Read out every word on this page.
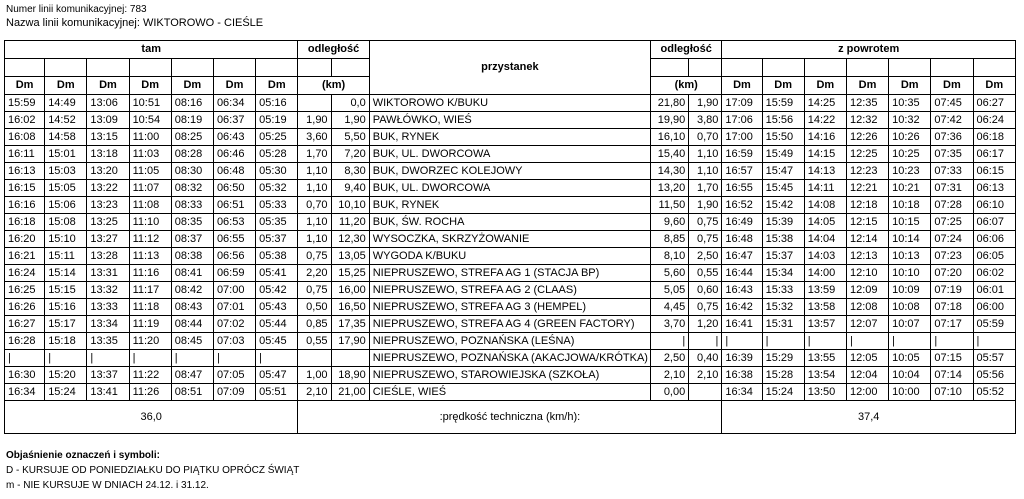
Numer linii komunikacyjnej: 783
Nazwa linii komunikacyjnej: WIKTOROWO - CIEŚLE
tam							odległość		przystanek	odległość		z powrotem						

Dm	Dm	Dm	Dm	Dm	Dm	Dm	(km)			(km)		Dm	Dm	Dm	Dm	Dm	Dm	Dm
15:59	14:49	13:06	10:51	08:16	06:34	05:16		0,0	WIKTOROWO K/BUKU	21,80	1,90	17:09	15:59	14:25	12:35	10:35	07:45	06:27
16:02	14:52	13:09	10:54	08:19	06:37	05:19	1,90	1,90	PAWŁÓWKO, WIEŚ	19,90	3,80	17:06	15:56	14:22	12:32	10:32	07:42	06:24
16:08	14:58	13:15	11:00	08:25	06:43	05:25	3,60	5,50	BUK, RYNEK	16,10	0,70	17:00	15:50	14:16	12:26	10:26	07:36	06:18
16:11	15:01	13:18	11:03	08:28	06:46	05:28	1,70	7,20	BUK, UL. DWORCOWA	15,40	1,10	16:59	15:49	14:15	12:25	10:25	07:35	06:17
16:13	15:03	13:20	11:05	08:30	06:48	05:30	1,10	8,30	BUK, DWORZEC KOLEJOWY	14,30	1,10	16:57	15:47	14:13	12:23	10:23	07:33	06:15
16:15	15:05	13:22	11:07	08:32	06:50	05:32	1,10	9,40	BUK, UL. DWORCOWA	13,20	1,70	16:55	15:45	14:11	12:21	10:21	07:31	06:13
16:16	15:06	13:23	11:08	08:33	06:51	05:33	0,70	10,10	BUK, RYNEK	11,50	1,90	16:52	15:42	14:08	12:18	10:18	07:28	06:10
16:18	15:08	13:25	11:10	08:35	06:53	05:35	1,10	11,20	BUK, ŚW. ROCHA	9,60	0,75	16:49	15:39	14:05	12:15	10:15	07:25	06:07
16:20	15:10	13:27	11:12	08:37	06:55	05:37	1,10	12,30	WYSOCZKA, SKRZYŻOWANIE	8,85	0,75	16:48	15:38	14:04	12:14	10:14	07:24	06:06
16:21	15:11	13:28	11:13	08:38	06:56	05:38	0,75	13,05	WYGODA K/BUKU	8,10	2,50	16:47	15:37	14:03	12:13	10:13	07:23	06:05
16:24	15:14	13:31	11:16	08:41	06:59	05:41	2,20	15,25	NIEPRUSZEWO, STREFA AG 1 (STACJA BP)	5,60	0,55	16:44	15:34	14:00	12:10	10:10	07:20	06:02
16:25	15:15	13:32	11:17	08:42	07:00	05:42	0,75	16,00	NIEPRUSZEWO, STREFA AG 2 (CLAAS)	5,05	0,60	16:43	15:33	13:59	12:09	10:09	07:19	06:01
16:26	15:16	13:33	11:18	08:43	07:01	05:43	0,50	16,50	NIEPRUSZEWO, STREFA AG 3 (HEMPEL)	4,45	0,75	16:42	15:32	13:58	12:08	10:08	07:18	06:00
16:27	15:17	13:34	11:19	08:44	07:02	05:44	0,85	17,35	NIEPRUSZEWO, STREFA AG 4 (GREEN FACTORY)	3,70	1,20	16:41	15:31	13:57	12:07	10:07	07:17	05:59
16:28	15:18	13:35	11:20	08:45	07:03	05:45	0,55	17,90	NIEPRUSZEWO, POZNAŃSKA (LEŚNA)	|	|	|	|	|	|	|	|	|
|	|	|	|	|	|	|			NIEPRUSZEWO, POZNAŃSKA (AKACJOWA/KRÓTKA)	2,50	0,40	16:39	15:29	13:55	12:05	10:05	07:15	05:57
16:30	15:20	13:37	11:22	08:47	07:05	05:47	1,00	18,90	NIEPRUSZEWO, STAROWIEJSKA (SZKOŁA)	2,10	2,10	16:38	15:28	13:54	12:04	10:04	07:14	05:56
16:34	15:24	13:41	11:26	08:51	07:09	05:51	2,10	21,00	CIEŚLE, WIEŚ	0,00		16:34	15:24	13:50	12:00	10:00	07:10	05:52
36,0							:prędkość techniczna (km/h):					37,4						
Objaśnienie oznaczeń i symboli:
D - KURSUJE OD PONIEDZIAŁKU DO PIĄTKU OPRÓCZ ŚWIĄT
m - NIE KURSUJE W DNIACH 24.12. i 31.12.
